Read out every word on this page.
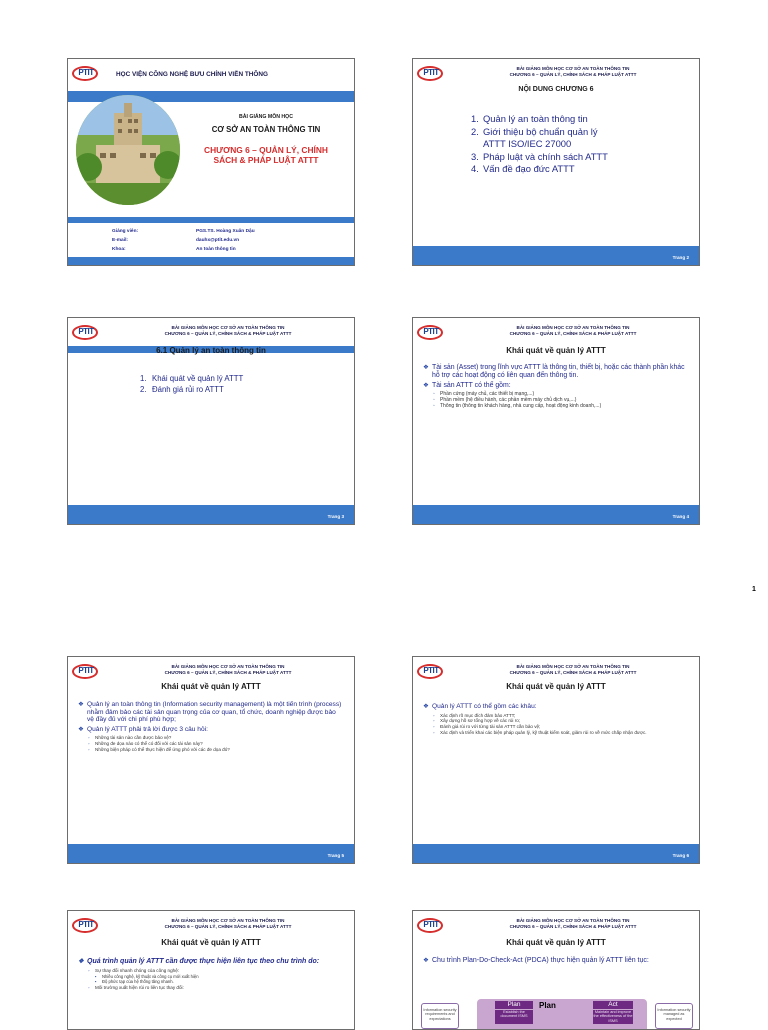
PTIT	HỌC VIỆN CÔNG NGHỆ BƯU CHÍNH VIỄN THÔNG
BÀI GIẢNG MÔN HỌC
CƠ SỞ AN TOÀN THÔNG TIN
CHƯƠNG 6 – QUẢN LÝ, CHÍNH
SÁCH & PHÁP LUẬT ATTT
Giảng viên:	PGS.TS. Hoàng Xuân Dậu
E-mail:	dauhx@ptit.edu.vn
Khoa:	An toàn thông tin
PTIT	BÀI GIẢNG MÔN HỌC CƠ SỞ AN TOÀN THÔNG TIN
CHƯƠNG 6 – QUẢN LÝ, CHÍNH SÁCH & PHÁP LUẬT ATTT
NỘI DUNG CHƯƠNG 6
1. Quản lý an toàn thông tin
2. Giới thiệu bộ chuẩn quản lý
ATTT ISO/IEC 27000
3. Pháp luật và chính sách ATTT
4. Vấn đề đạo đức ATTT
Trang 2
PTIT	BÀI GIẢNG MÔN HỌC CƠ SỞ AN TOÀN THÔNG TIN
CHƯƠNG 6 – QUẢN LÝ, CHÍNH SÁCH & PHÁP LUẬT ATTT
6.1 Quản lý an toàn thông tin
1. Khái quát về quản lý ATTT
2. Đánh giá rủi ro ATTT
Trang 3
PTIT	BÀI GIẢNG MÔN HỌC CƠ SỞ AN TOÀN THÔNG TIN
CHƯƠNG 6 – QUẢN LÝ, CHÍNH SÁCH & PHÁP LUẬT ATTT
Khái quát về quản lý ATTT
❖ Tài sản (Asset) trong lĩnh vực ATTT là thông tin, thiết bị, hoặc các thành phần khác hỗ trợ các hoạt động có liên quan đến thông tin.
❖ Tài sản ATTT có thể gồm:
◦ Phần cứng (máy chủ, các thiết bị mạng,...)
◦ Phần mềm (hệ điều hành, các phần mềm máy chủ dịch vụ,...)
◦ Thông tin (thông tin khách hàng, nhà cung cấp, hoạt động kinh doanh,...)
Trang 4
1
PTIT	BÀI GIẢNG MÔN HỌC CƠ SỞ AN TOÀN THÔNG TIN
CHƯƠNG 6 – QUẢN LÝ, CHÍNH SÁCH & PHÁP LUẬT ATTT
Khái quát về quản lý ATTT
❖ Quản lý an toàn thông tin (Information security management) là một tiến trình (process) nhằm đảm bảo các tài sản quan trọng của cơ quan, tổ chức, doanh nghiệp được bảo vệ đầy đủ với chi phí phù hợp;
❖ Quản lý ATTT phải trả lời được 3 câu hỏi:
◦ Những tài sản nào cần được bảo vệ?
◦ Những đe dọa nào có thể có đối với các tài sản này?
◦ Những biện pháp có thể thực hiện để ứng phó với các đe dọa đó?
Trang 5
PTIT	BÀI GIẢNG MÔN HỌC CƠ SỞ AN TOÀN THÔNG TIN
CHƯƠNG 6 – QUẢN LÝ, CHÍNH SÁCH & PHÁP LUẬT ATTT
Khái quát về quản lý ATTT
❖ Quản lý ATTT có thể gồm các khâu:
◦ Xác định rõ mục đích đảm bảo ATTT;
◦ Xây dựng hồ sơ tổng hợp về các rủi ro;
◦ Đánh giá rủi ro với từng tài sản ATTT cần bảo vệ;
◦ Xác định và triển khai các biện pháp quản lý, kỹ thuật kiểm soát, giảm rủi ro về mức chấp nhận được.
Trang 6
PTIT	BÀI GIẢNG MÔN HỌC CƠ SỞ AN TOÀN THÔNG TIN
CHƯƠNG 6 – QUẢN LÝ, CHÍNH SÁCH & PHÁP LUẬT ATTT
Khái quát về quản lý ATTT
❖ Quá trình quản lý ATTT cần được thực hiện liên tục theo chu trình do:
◦ Sự thay đổi nhanh chóng của công nghệ:
▪ Nhiều công nghệ, kỹ thuật và công cụ mới xuất hiện
▪ Độ phức tạp của hệ thống tăng nhanh.
◦ Môi trường xuất hiện rủi ro liên tục thay đổi:
PTIT	BÀI GIẢNG MÔN HỌC CƠ SỞ AN TOÀN THÔNG TIN
CHƯƠNG 6 – QUẢN LÝ, CHÍNH SÁCH & PHÁP LUẬT ATTT
Khái quát về quản lý ATTT
❖ Chu trình Plan-Do-Check-Act (PDCA) thực hiện quản lý ATTT liên tục:
Information security requirements and expectations
Plan	Plan
Establish the document ISMS
Act
Maintain and improve the effectiveness of the ISMS
Information security managed as expected
